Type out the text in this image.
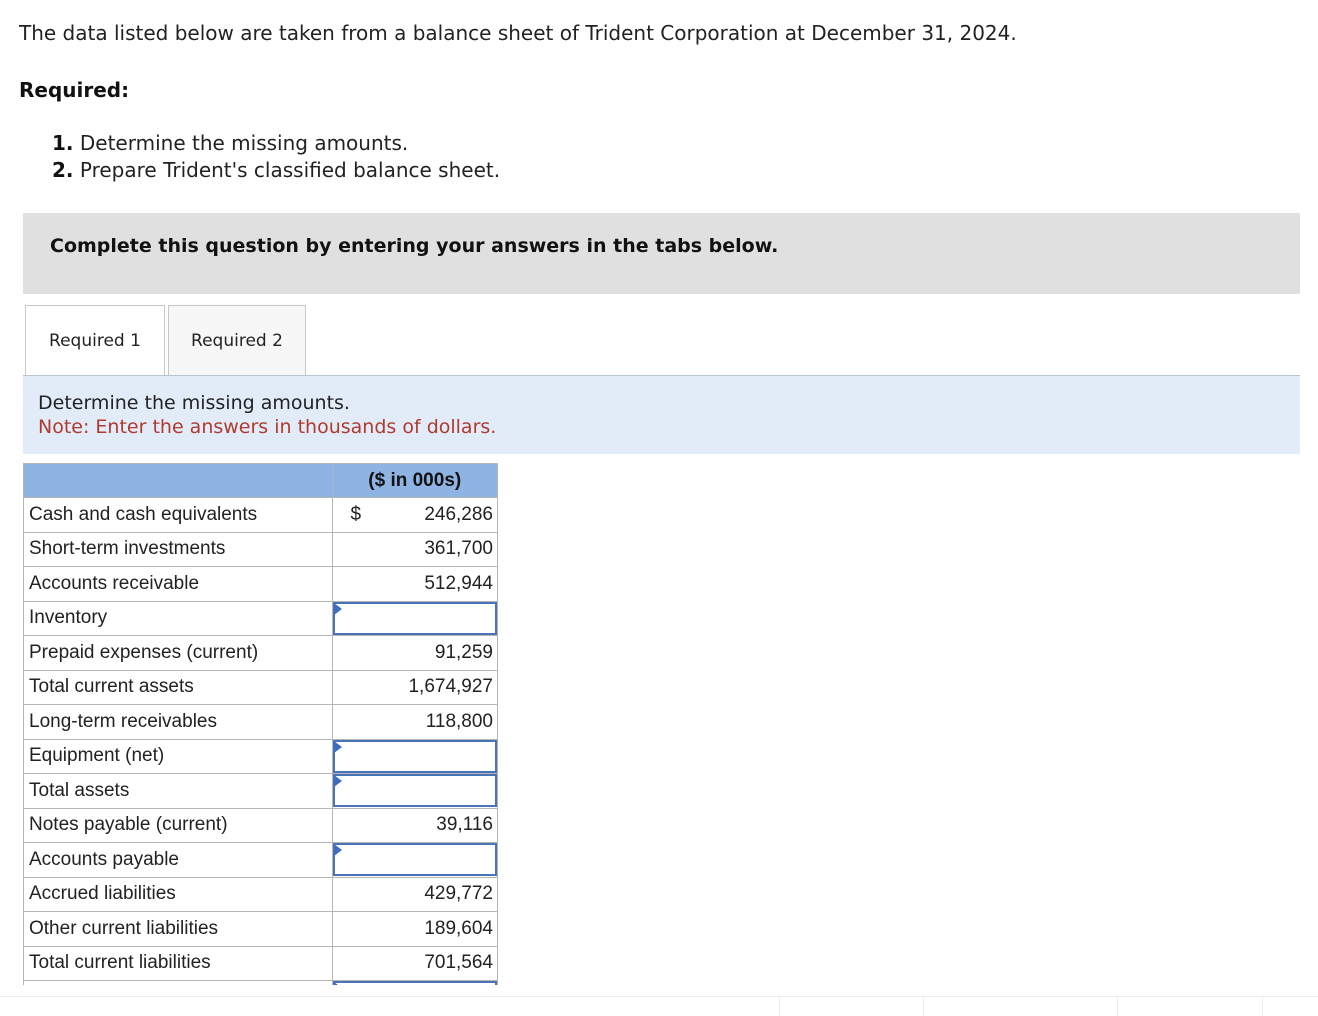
The data listed below are taken from a balance sheet of Trident Corporation at December 31, 2024.
Required:
1. Determine the missing amounts.
2. Prepare Trident's classified balance sheet.
Complete this question by entering your answers in the tabs below.
Required 1	Required 2
Determine the missing amounts.
Note: Enter the answers in thousands of dollars.
	($ in 000s)
Cash and cash equivalents	$ 246,286
Short-term investments	361,700
Accounts receivable	512,944
Inventory	

Prepaid expenses (current)	91,259
Total current assets	1,674,927
Long-term receivables	118,800
Equipment (net)	

Total assets	

Notes payable (current)	39,116
Accounts payable	

Accrued liabilities	429,772
Other current liabilities	189,604
Total current liabilities	701,564
